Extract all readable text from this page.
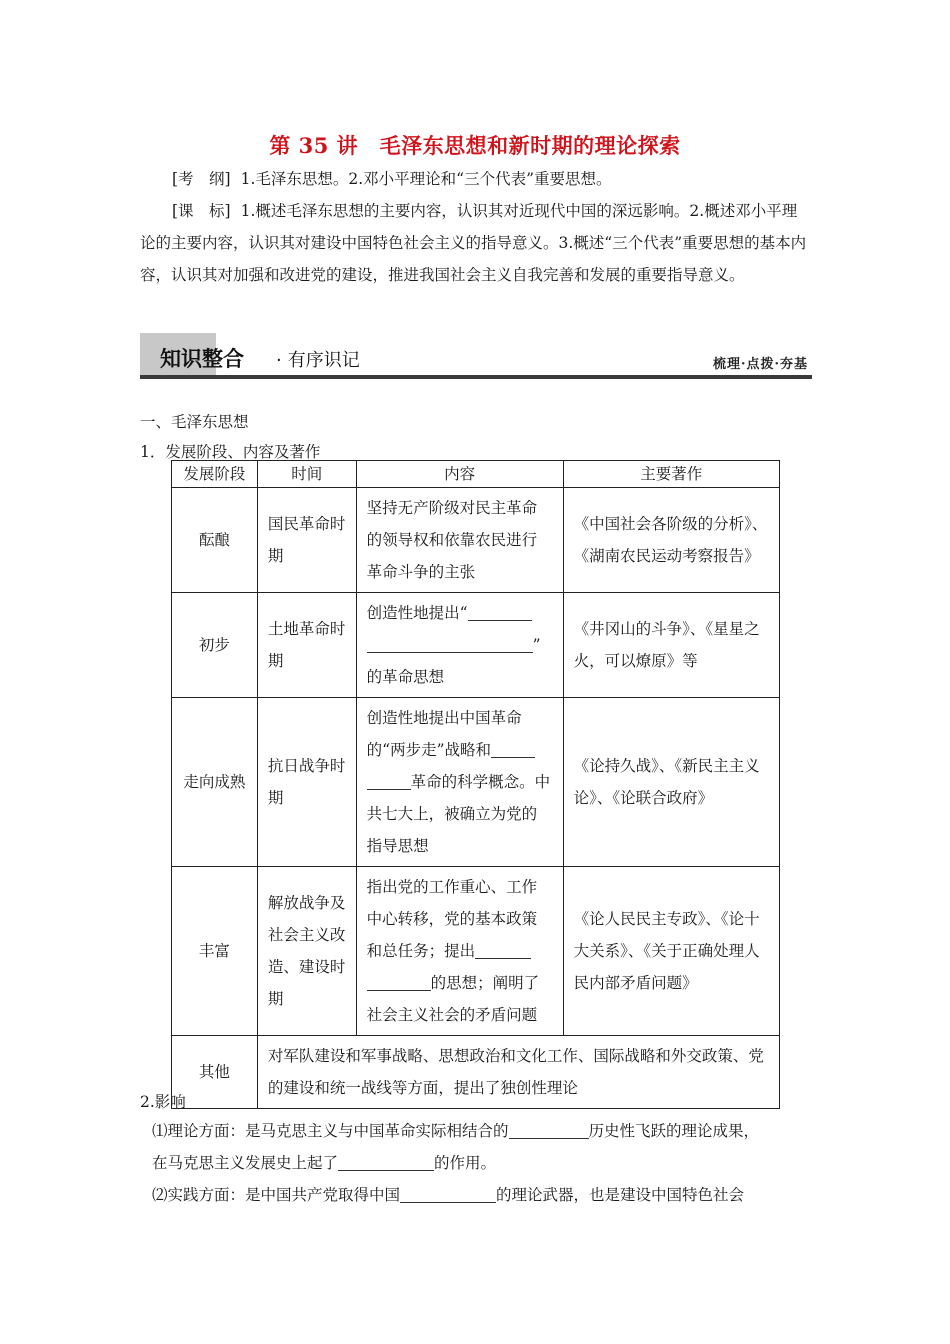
第 35 讲　毛泽东思想和新时期的理论探索

[考　纲] 1.毛泽东思想。2.邓小平理论和“三个代表”重要思想。

[课　标] 1.概述毛泽东思想的主要内容，认识其对近现代中国的深远影响。2.概述邓小平理论的主要内容，认识其对建设中国特色社会主义的指导意义。3.概述“三个代表”重要思想的基本内容，认识其对加强和改进党的建设，推进我国社会主义自我完善和发展的重要指导意义。

知识整合	· 有序识记	梳理·点拨·夯基
一、毛泽东思想
1．发展阶段、内容及著作
发展阶段	时间	内容	主要著作
酝酿	国民革命时期	坚持无产阶级对民主革命的领导权和依靠农民进行革命斗争的主张	《中国社会各阶级的分析》、《湖南农民运动考察报告》
初步	土地革命时期	创造性地提出“
”
的革命思想	《井冈山的斗争》、《星星之火，可以燎原》等
走向成熟	抗日战争时期	创造性地提出中国革命的“两步走”战略和
革命的科学概念。中共七大上，被确立为党的指导思想	《论持久战》、《新民主主义论》、《论联合政府》
丰富	解放战争及社会主义改造、建设时期	指出党的工作重心、工作中心转移，党的基本政策和总任务；提出
的思想；阐明了社会主义社会的矛盾问题	《论人民民主专政》、《论十大关系》、《关于正确处理人民内部矛盾问题》
其他	对军队建设和军事战略、思想政治和文化工作、国际战略和外交政策、党的建设和统一战线等方面，提出了独创性理论		
2.影响

⑴理论方面：是马克思主义与中国革命实际相结合的	历史性飞跃的理论成果，
在马克思主义发展史上起了	的作用。

⑵实践方面：是中国共产党取得中国	的理论武器，也是建设中国特色社会
